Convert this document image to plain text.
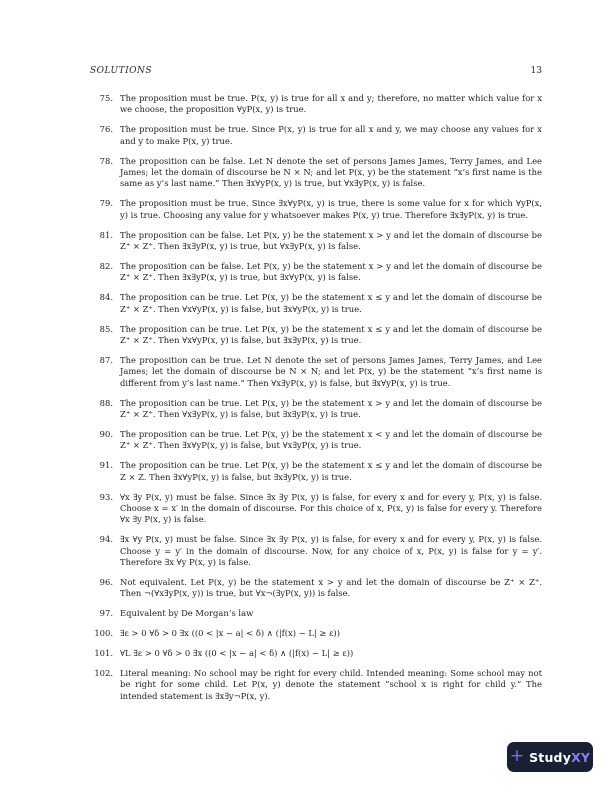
SOLUTIONS	13
75. The proposition must be true. P(x, y) is true for all x and y; therefore, no matter which value for x we choose, the proposition ∀yP(x, y) is true.
76. The proposition must be true. Since P(x, y) is true for all x and y, we may choose any values for x and y to make P(x, y) true.
78. The proposition can be false. Let N denote the set of persons James James, Terry James, and Lee James; let the domain of discourse be N × N; and let P(x, y) be the statement “x’s first name is the same as y’s last name.” Then ∃x∀yP(x, y) is true, but ∀x∃yP(x, y) is false.
79. The proposition must be true. Since ∃x∀yP(x, y) is true, there is some value for x for which ∀yP(x, y) is true. Choosing any value for y whatsoever makes P(x, y) true. Therefore ∃x∃yP(x, y) is true.
81. The proposition can be false. Let P(x, y) be the statement x > y and let the domain of discourse be Z⁺ × Z⁺. Then ∃x∃yP(x, y) is true, but ∀x∃yP(x, y) is false.
82. The proposition can be false. Let P(x, y) be the statement x > y and let the domain of discourse be Z⁺ × Z⁺. Then ∃x∃yP(x, y) is true, but ∃x∀yP(x, y) is false.
84. The proposition can be true. Let P(x, y) be the statement x ≤ y and let the domain of discourse be Z⁺ × Z⁺. Then ∀x∀yP(x, y) is false, but ∃x∀yP(x, y) is true.
85. The proposition can be true. Let P(x, y) be the statement x ≤ y and let the domain of discourse be Z⁺ × Z⁺. Then ∀x∀yP(x, y) is false, but ∃x∃yP(x, y) is true.
87. The proposition can be true. Let N denote the set of persons James James, Terry James, and Lee James; let the domain of discourse be N × N; and let P(x, y) be the statement “x’s first name is different from y’s last name.” Then ∀x∃yP(x, y) is false, but ∃x∀yP(x, y) is true.
88. The proposition can be true. Let P(x, y) be the statement x > y and let the domain of discourse be Z⁺ × Z⁺. Then ∀x∃yP(x, y) is false, but ∃x∃yP(x, y) is true.
90. The proposition can be true. Let P(x, y) be the statement x < y and let the domain of discourse be Z⁺ × Z⁺. Then ∃x∀yP(x, y) is false, but ∀x∃yP(x, y) is true.
91. The proposition can be true. Let P(x, y) be the statement x ≤ y and let the domain of discourse be Z × Z. Then ∃x∀yP(x, y) is false, but ∃x∃yP(x, y) is true.
93. ∀x ∃y P(x, y) must be false. Since ∃x ∃y P(x, y) is false, for every x and for every y, P(x, y) is false. Choose x = x′ in the domain of discourse. For this choice of x, P(x, y) is false for every y. Therefore ∀x ∃y P(x, y) is false.
94. ∃x ∀y P(x, y) must be false. Since ∃x ∃y P(x, y) is false, for every x and for every y, P(x, y) is false. Choose y = y′ in the domain of discourse. Now, for any choice of x, P(x, y) is false for y = y′. Therefore ∃x ∀y P(x, y) is false.
96. Not equivalent. Let P(x, y) be the statement x > y and let the domain of discourse be Z⁺ × Z⁺. Then ¬(∀x∃yP(x, y)) is true, but ∀x¬(∃yP(x, y)) is false.
97. Equivalent by De Morgan’s law
100. ∃ε > 0 ∀δ > 0 ∃x ((0 < |x − a| < δ) ∧ (|f(x) − L| ≥ ε))
101. ∀L ∃ε > 0 ∀δ > 0 ∃x ((0 < |x − a| < δ) ∧ (|f(x) − L| ≥ ε))
102. Literal meaning: No school may be right for every child. Intended meaning: Some school may not be right for some child. Let P(x, y) denote the statement “school x is right for child y.” The intended statement is ∃x∃y¬P(x, y).
+ StudyXY
